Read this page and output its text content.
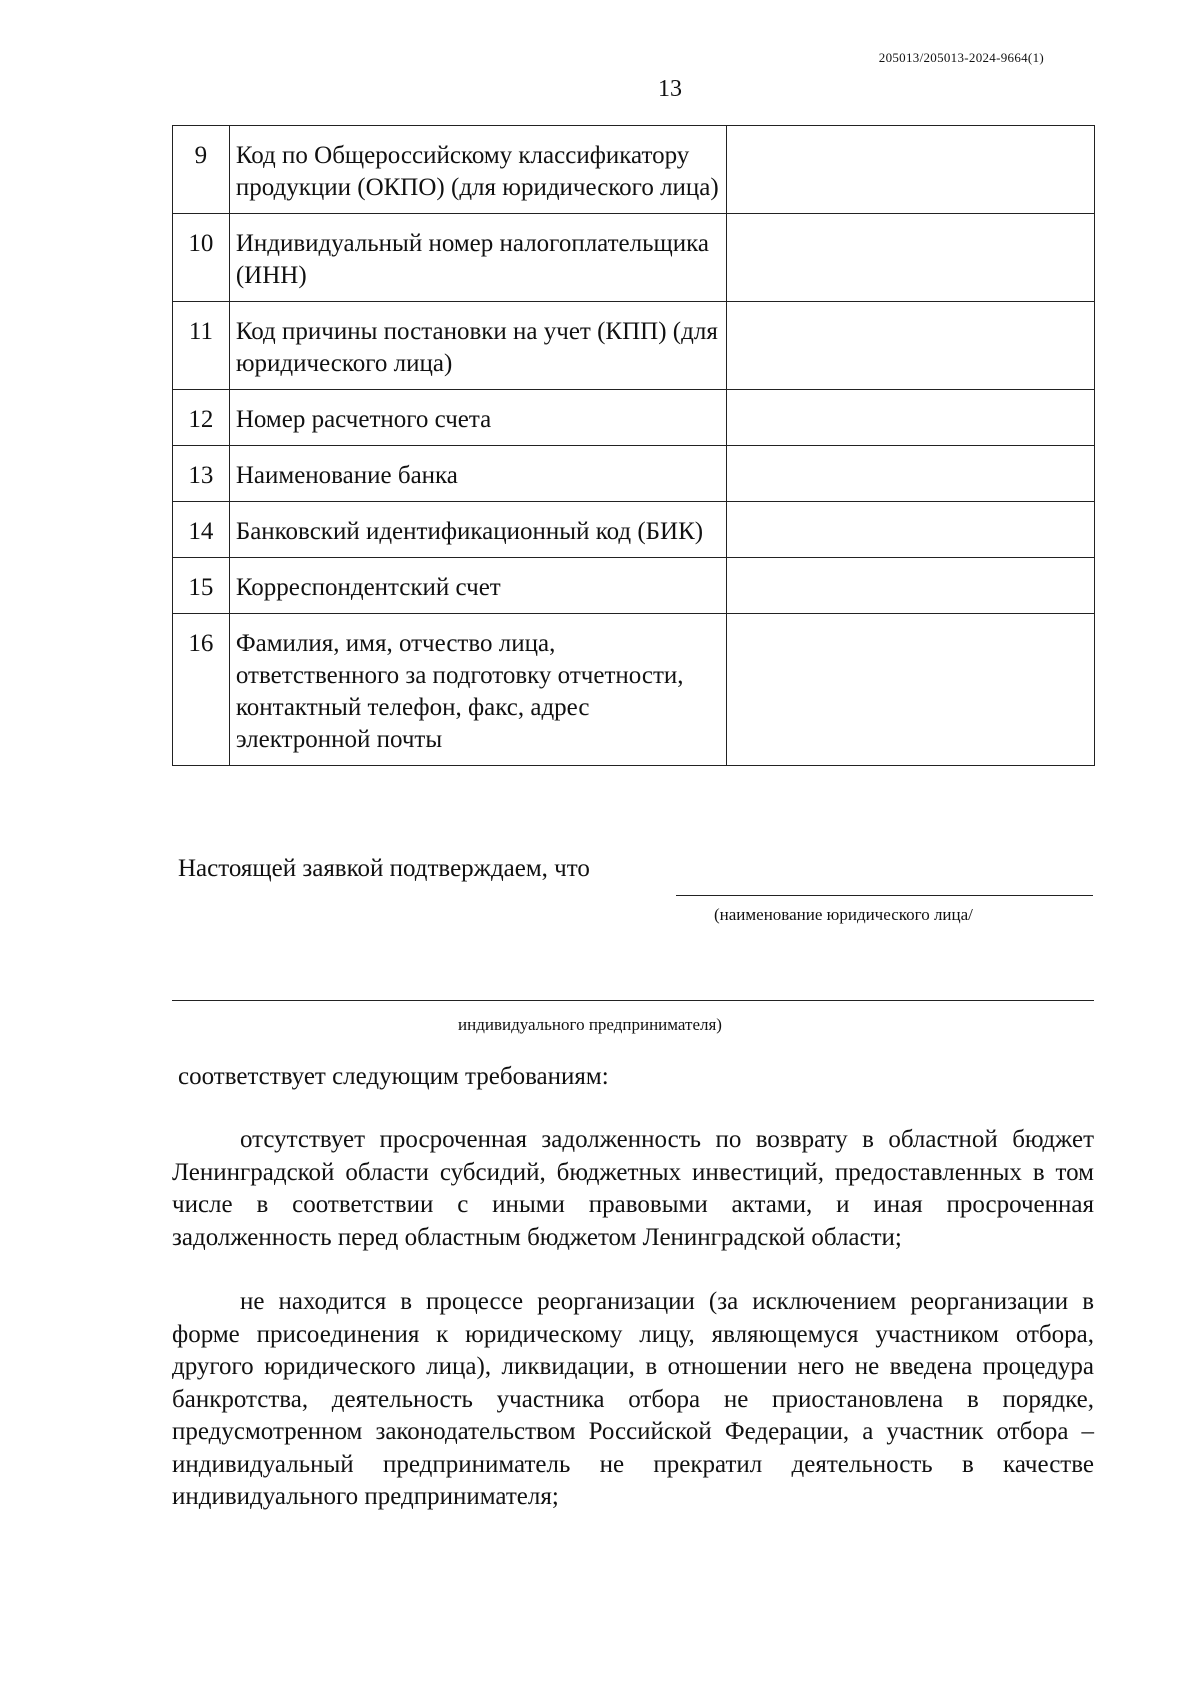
205013/205013-2024-9664(1)
13
9	Код по Общероссийскому классификатору продукции (ОКПО) (для юридического лица)	
10	Индивидуальный номер налогоплательщика (ИНН)	
11	Код причины постановки на учет (КПП) (для юридического лица)	
12	Номер расчетного счета	
13	Наименование банка	
14	Банковский идентификационный код (БИК)	
15	Корреспондентский счет	
16	Фамилия, имя, отчество лица, ответственного за подготовку отчетности, контактный телефон, факс, адрес электронной почты	
Настоящей заявкой подтверждаем, что
(наименование юридического лица/
индивидуального предпринимателя)
соответствует следующим требованиям:

отсутствует просроченная задолженность по возврату в областной бюджет Ленинградской области субсидий, бюджетных инвестиций, предоставленных в том числе в соответствии с иными правовыми актами, и иная просроченная задолженность перед областным бюджетом Ленинградской области;

не находится в процессе реорганизации (за исключением реорганизации в форме присоединения к юридическому лицу, являющемуся участником отбора, другого юридического лица), ликвидации, в отношении него не введена процедура банкротства, деятельность участника отбора не приостановлена в порядке, предусмотренном законодательством Российской Федерации, а участник отбора – индивидуальный предприниматель не прекратил деятельность в качестве индивидуального предпринимателя;
